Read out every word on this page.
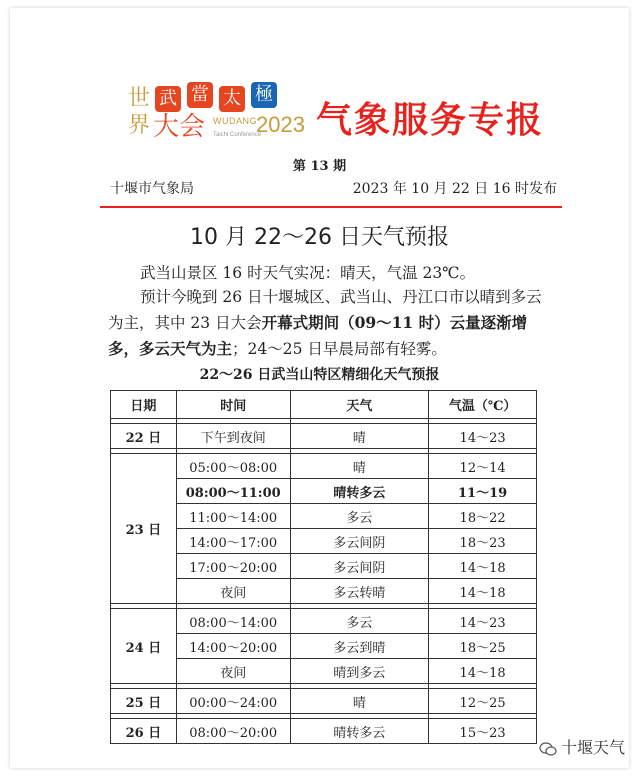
世
界
武 當 太 極
大会 WUDANG 2023
Taichi Conference 气象服务专报
第 13 期
十堰市气象局	2023 年 10 月 22 日 16 时发布
10 月 22～26 日天气预报

武当山景区 16 时天气实况：晴天，气温 23℃。

预计今晚到 26 日十堰城区、武当山、丹江口市以晴到多云为主，其中 23 日大会开幕式期间（09～11 时）云量逐渐增多，多云天气为主；24～25 日早晨局部有轻雾。

22～26 日武当山特区精细化天气预报
日期	时间	天气	气温（℃）

22 日	下午到夜间	晴	14～23

23 日	05:00～08:00	晴	12～14
	08:00～11:00	晴转多云	11～19
	11:00～14:00	多云	18～22
	14:00～17:00	多云间阴	18～23
	17:00～20:00	多云间阴	14～18
	夜间	多云转晴	14～18

24 日	08:00～14:00	多云	14～23
	14:00～20:00	多云到晴	18～25
	夜间	晴到多云	14～18

25 日	00:00～24:00	晴	12～25

26 日	08:00～20:00	晴转多云	15～23
十堰天气
